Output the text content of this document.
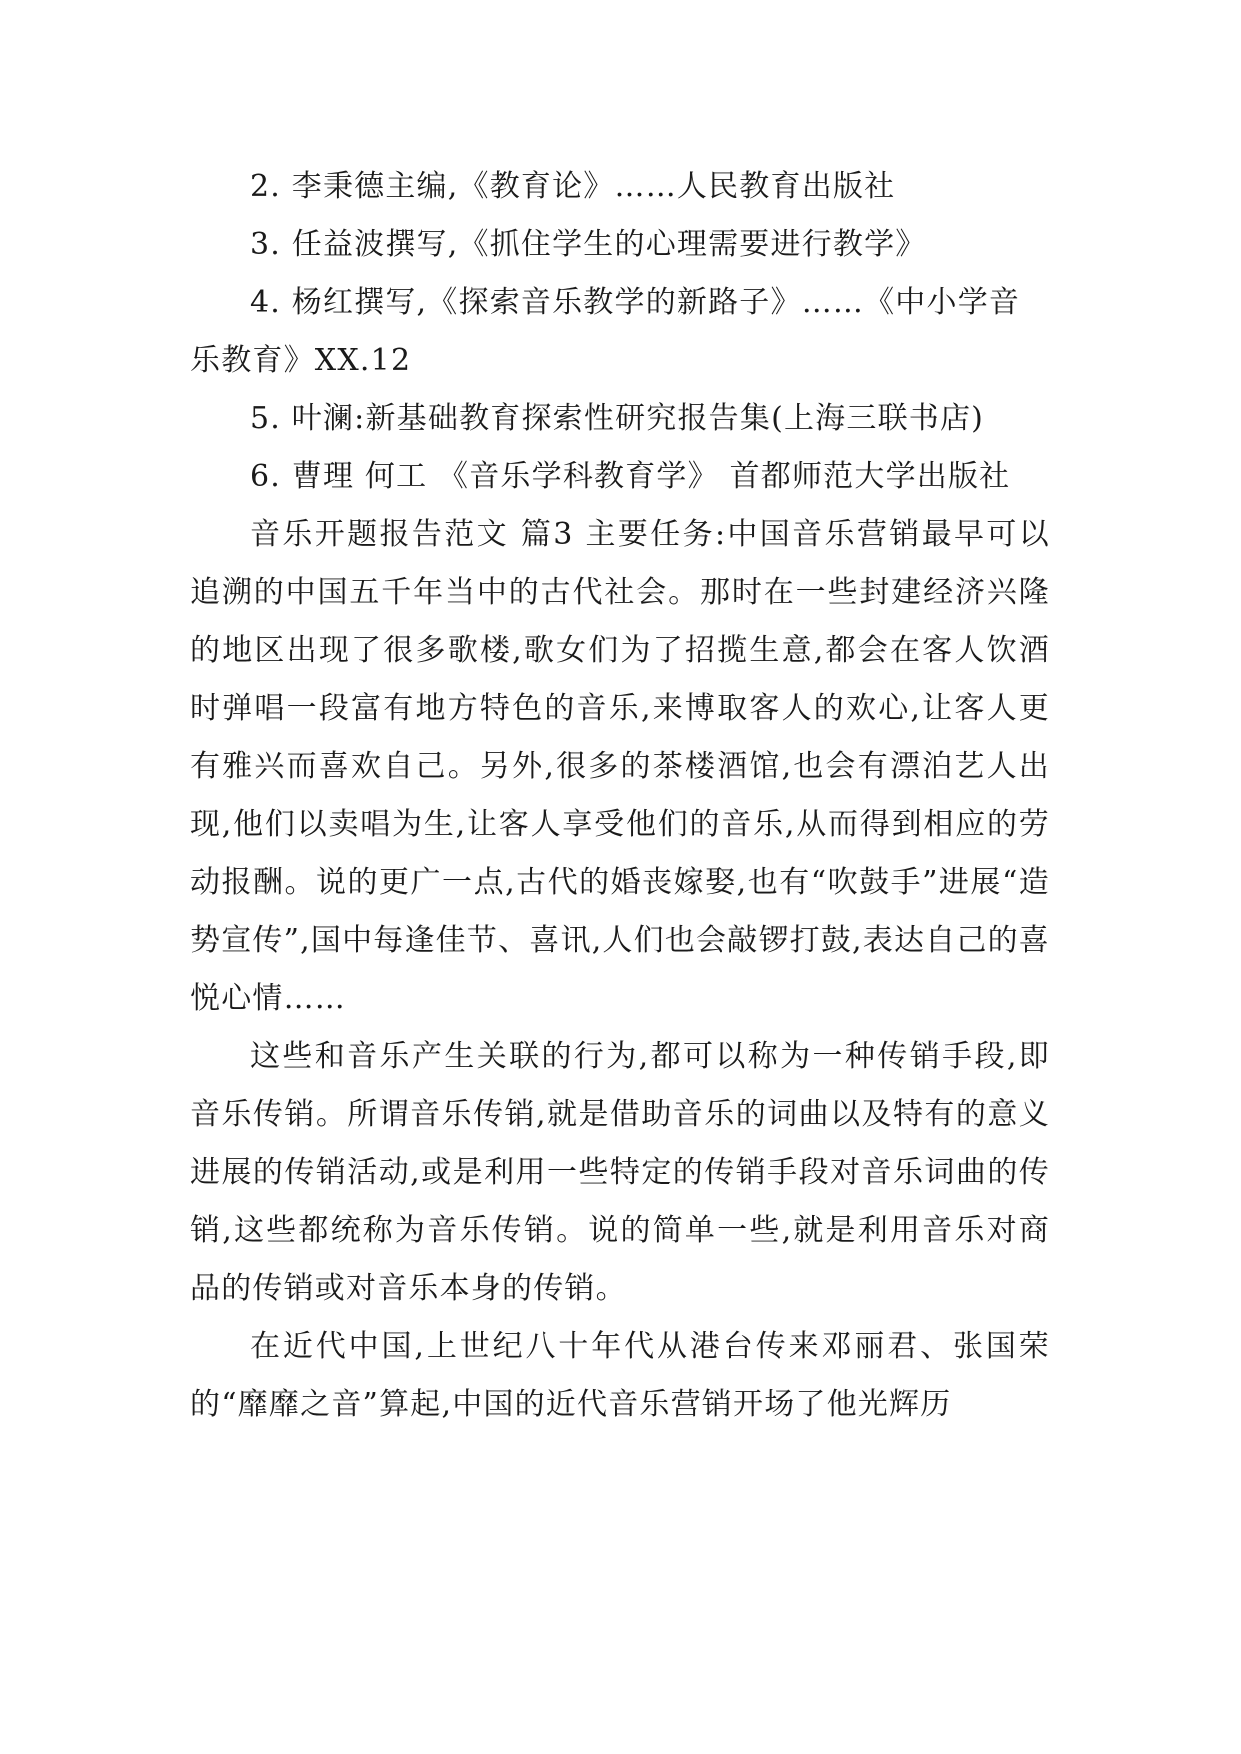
2. 李秉德主编,《教育论》……人民教育出版社

3. 任益波撰写,《抓住学生的心理需要进行教学》

4. 杨红撰写,《探索音乐教学的新路子》……《中小学音乐教育》XX.12

5. 叶澜:新基础教育探索性研究报告集(上海三联书店)

6. 曹理 何工 《音乐学科教育学》 首都师范大学出版社

音乐开题报告范文 篇3 主要任务:中国音乐营销最早可以追溯的中国五千年当中的古代社会。那时在一些封建经济兴隆的地区出现了很多歌楼,歌女们为了招揽生意,都会在客人饮酒时弹唱一段富有地方特色的音乐,来博取客人的欢心,让客人更有雅兴而喜欢自己。另外,很多的茶楼酒馆,也会有漂泊艺人出现,他们以卖唱为生,让客人享受他们的音乐,从而得到相应的劳动报酬。说的更广一点,古代的婚丧嫁娶,也有“吹鼓手”进展“造势宣传”,国中每逢佳节、喜讯,人们也会敲锣打鼓,表达自己的喜悦心情……

这些和音乐产生关联的行为,都可以称为一种传销手段,即音乐传销。所谓音乐传销,就是借助音乐的词曲以及特有的意义进展的传销活动,或是利用一些特定的传销手段对音乐词曲的传销,这些都统称为音乐传销。说的简单一些,就是利用音乐对商品的传销或对音乐本身的传销。

在近代中国,上世纪八十年代从港台传来邓丽君、张国荣的“靡靡之音”算起,中国的近代音乐营销开场了他光辉历
